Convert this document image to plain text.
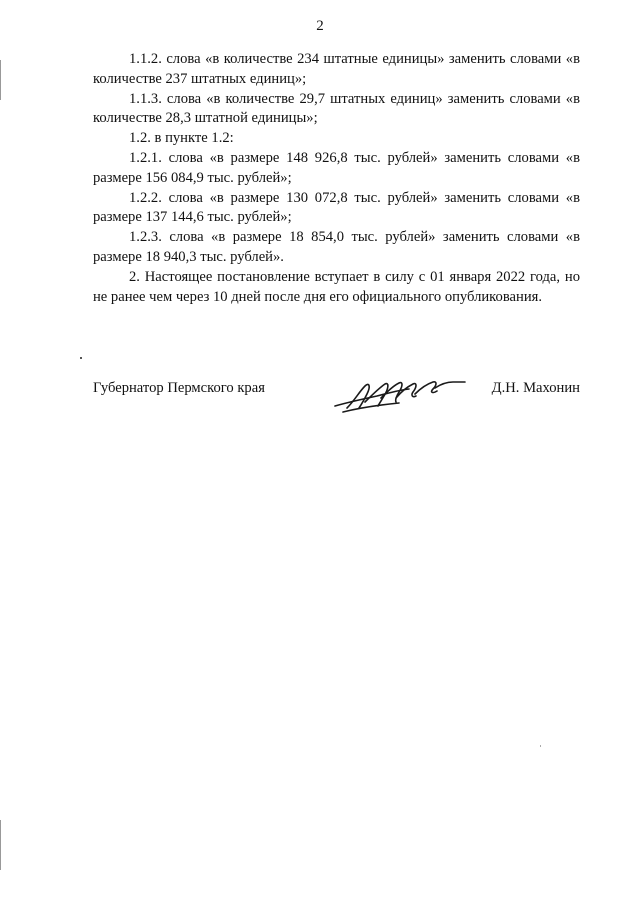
2

1.1.2. слова «в количестве 234 штатные единицы» заменить словами «в количестве 237 штатных единиц»;

1.1.3. слова «в количестве 29,7 штатных единиц» заменить словами «в количестве 28,3 штатной единицы»;

1.2. в пункте 1.2:

1.2.1. слова «в размере 148 926,8 тыс. рублей» заменить словами «в размере 156 084,9 тыс. рублей»;

1.2.2. слова «в размере 130 072,8 тыс. рублей» заменить словами «в размере 137 144,6 тыс. рублей»;

1.2.3. слова «в размере 18 854,0 тыс. рублей» заменить словами «в размере 18 940,3 тыс. рублей».

2. Настоящее постановление вступает в силу с 01 января 2022 года, но не ранее чем через 10 дней после дня его официального опубликования.

Губернатор Пермского края	Д.Н. Махонин
